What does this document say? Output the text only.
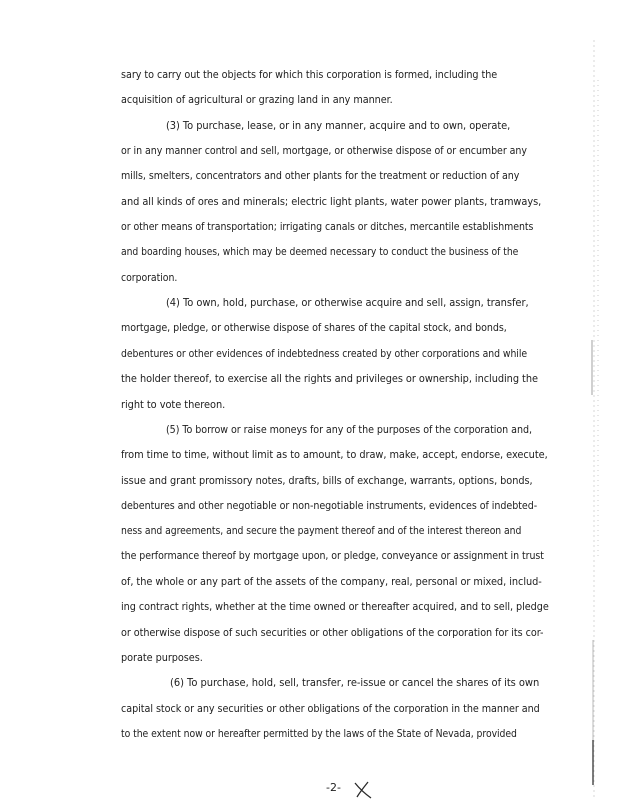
sary to carry out the objects for which this corporation is formed, including the
acquisition of agricultural or grazing land in any manner.
(3) To purchase, lease, or in any manner, acquire and to own, operate,
or in any manner control and sell, mortgage, or otherwise dispose of or encumber any
mills, smelters, concentrators and other plants for the treatment or reduction of any
and all kinds of ores and minerals; electric light plants, water power plants, tramways,
or other means of transportation; irrigating canals or ditches, mercantile establishments
and boarding houses, which may be deemed necessary to conduct the business of the
corporation.
(4) To own, hold, purchase, or otherwise acquire and sell, assign, transfer,
mortgage, pledge, or otherwise dispose of shares of the capital stock, and bonds,
debentures or other evidences of indebtedness created by other corporations and while
the holder thereof, to exercise all the rights and privileges or ownership, including the
right to vote thereon.
(5) To borrow or raise moneys for any of the purposes of the corporation and,
from time to time, without limit as to amount, to draw, make, accept, endorse, execute,
issue and grant promissory notes, drafts, bills of exchange, warrants, options, bonds,
debentures and other negotiable or non-negotiable instruments, evidences of indebted-
ness and agreements, and secure the payment thereof and of the interest thereon and
the performance thereof by mortgage upon, or pledge, conveyance or assignment in trust
of, the whole or any part of the assets of the company, real, personal or mixed, includ-
ing contract rights, whether at the time owned or thereafter acquired, and to sell, pledge
or otherwise dispose of such securities or other obligations of the corporation for its cor-
porate purposes.
(6) To purchase, hold, sell, transfer, re-issue or cancel the shares of its own
capital stock or any securities or other obligations of the corporation in the manner and
to the extent now or hereafter permitted by the laws of the State of Nevada, provided
-2-
